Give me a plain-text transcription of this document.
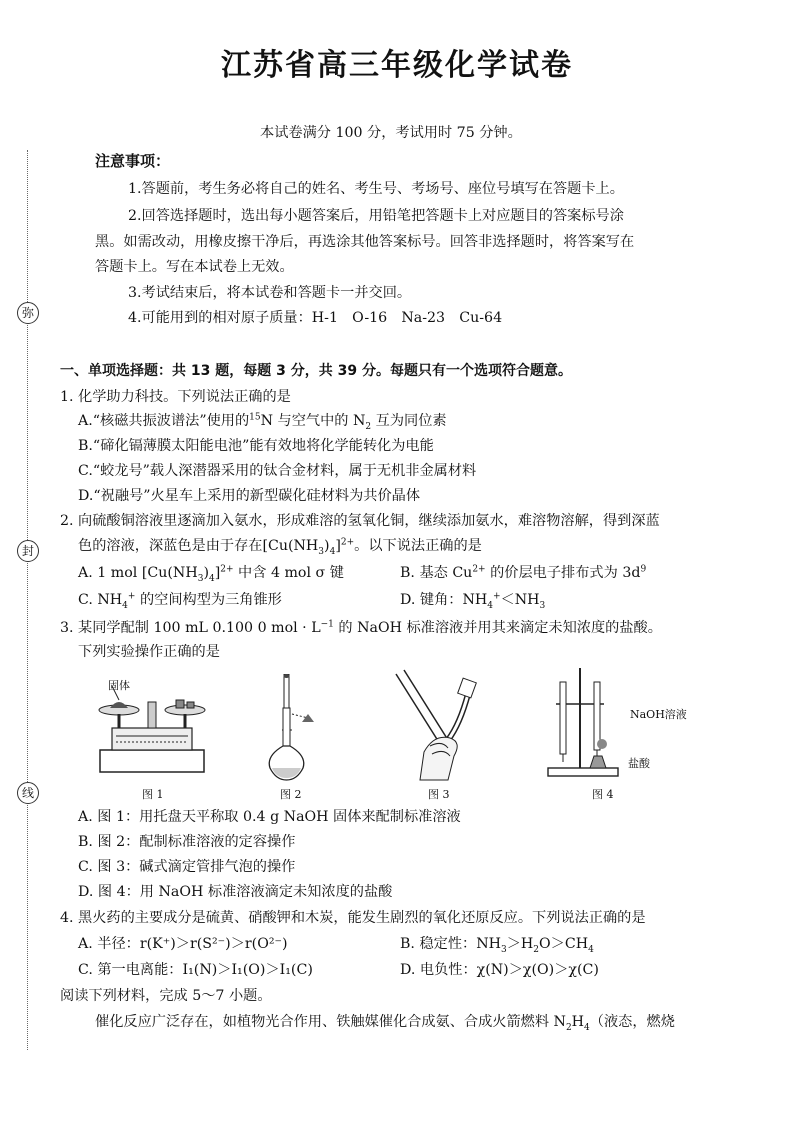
弥
封
线
江苏省高三年级化学试卷
本试卷满分 100 分，考试用时 75 分钟。
注意事项：
1.答题前，考生务必将自己的姓名、考生号、考场号、座位号填写在答题卡上。
2.回答选择题时，选出每小题答案后，用铅笔把答题卡上对应题目的答案标号涂
黑。如需改动，用橡皮擦干净后，再选涂其他答案标号。回答非选择题时，将答案写在
答题卡上。写在本试卷上无效。
3.考试结束后，将本试卷和答题卡一并交回。
4.可能用到的相对原子质量：H-1　O-16　Na-23　Cu-64
一、单项选择题：共 13 题，每题 3 分，共 39 分。每题只有一个选项符合题意。
1. 化学助力科技。下列说法正确的是
A.“核磁共振波谱法”使用的$^{15}$N 与空气中的 $N_2$ 互为同位素
B.“碲化镉薄膜太阳能电池”能有效地将化学能转化为电能
C.“蛟龙号”载人深潜器采用的钛合金材料，属于无机非金属材料
D.“祝融号”火星车上采用的新型碳化硅材料为共价晶体
2. 向硫酸铜溶液里逐滴加入氨水，形成难溶的氢氧化铜，继续添加氨水，难溶物溶解，得到深蓝
色的溶液，深蓝色是由于存在$[Cu(NH_3)_4]^{2+}$。以下说法正确的是
A. 1 mol $[Cu(NH_3)_4]^{2+}$ 中含 4 mol σ 键	B. 基态 $Cu^{2+}$ 的价层电子排布式为 $3d^9$
C. $NH_4^+$ 的空间构型为三角锥形	D. 键角：$NH_4^+<NH_3$
3. 某同学配制 100 mL 0.100 0 mol · $L^{-1}$ 的 NaOH 标准溶液并用其来滴定未知浓度的盐酸。
下列实验操作正确的是
固体
NaOH溶液
盐酸
图 1	图 2	图 3	图 4
A. 图 1：用托盘天平称取 0.4 g NaOH 固体来配制标准溶液
B. 图 2：配制标准溶液的定容操作
C. 图 3：碱式滴定管排气泡的操作
D. 图 4：用 NaOH 标准溶液滴定未知浓度的盐酸
4. 黑火药的主要成分是硫黄、硝酸钾和木炭，能发生剧烈的氧化还原反应。下列说法正确的是
A. 半径：r(K⁺)＞r(S²⁻)＞r(O²⁻)	B. 稳定性：$NH_3>H_2O>CH_4$
C. 第一电离能：I₁(N)＞I₁(O)＞I₁(C)	D. 电负性：χ(N)＞χ(O)＞χ(C)
阅读下列材料，完成 5～7 小题。
催化反应广泛存在，如植物光合作用、铁触媒催化合成氨、合成火箭燃料 $N_2H_4$（液态，燃烧
